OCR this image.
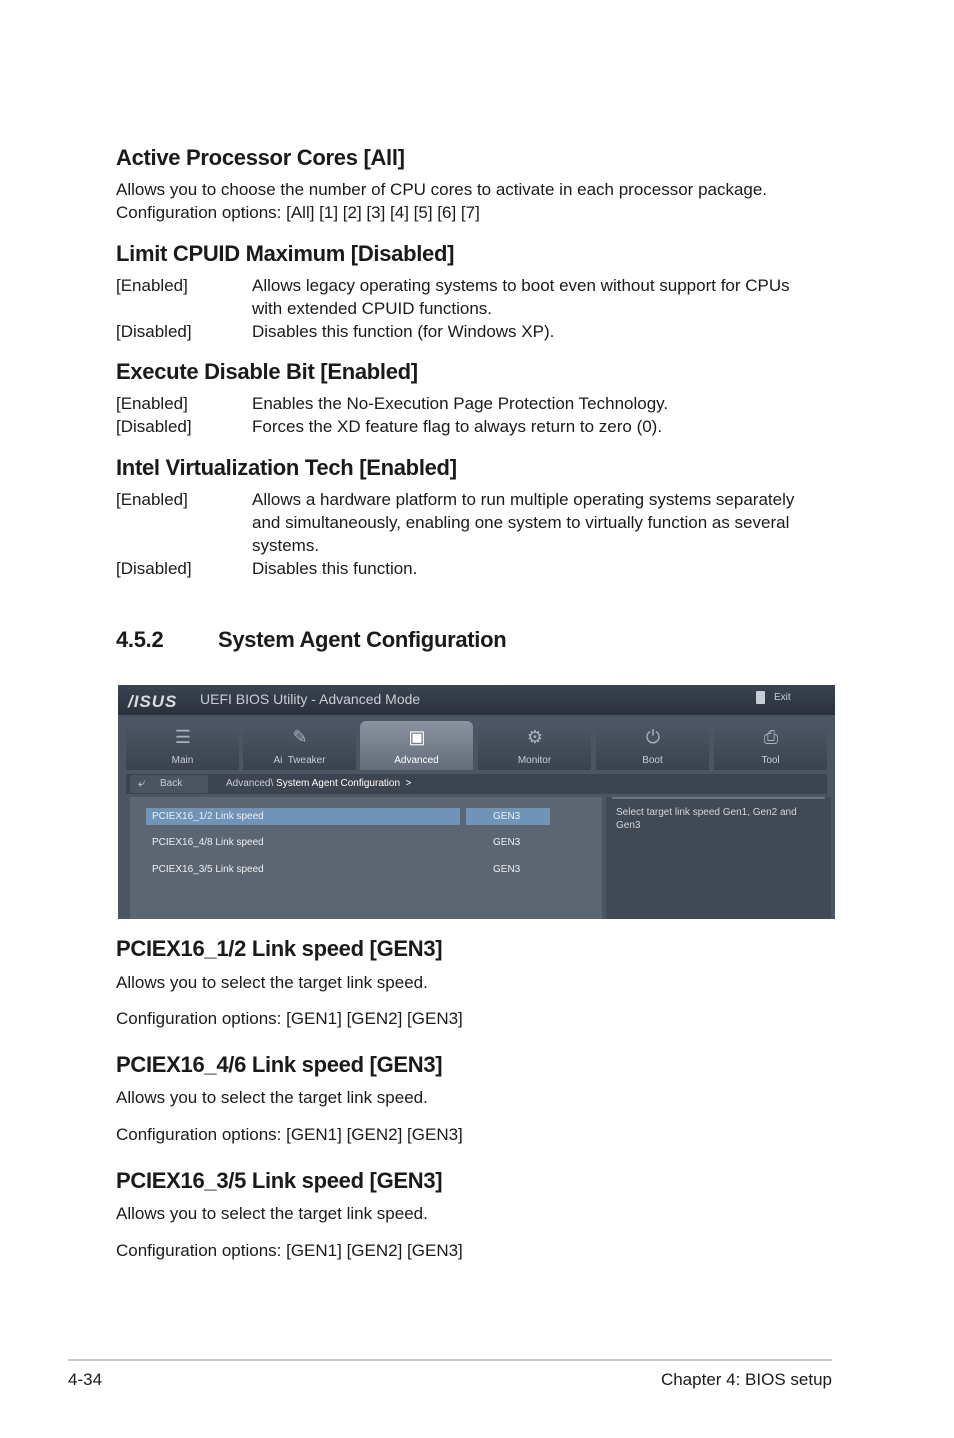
Active Processor Cores [All]

Allows you to choose the number of CPU cores to activate in each processor package.

Configuration options: [All] [1] [2] [3] [4] [5] [6] [7]

Limit CPUID Maximum [Disabled]
[Enabled]	Allows legacy operating systems to boot even without support for CPUs with extended CPUID functions.
[Disabled]	Disables this function (for Windows XP).
Execute Disable Bit [Enabled]
[Enabled]	Enables the No-Execution Page Protection Technology.
[Disabled]	Forces the XD feature flag to always return to zero (0).
Intel Virtualization Tech [Enabled]
[Enabled]	Allows a hardware platform to run multiple operating systems separately and simultaneously, enabling one system to virtually function as several systems.
[Disabled]	Disables this function.
4.5.2 System Agent Configuration
/ISUS UEFI BIOS Utility - Advanced Mode	Exit
☰
Main
✎
Ai  Tweaker
▣
Advanced
⚙
Monitor
⏻
Boot
⎙
Tool
⤶ Back	Advanced\ System Agent Configuration  >
PCIEX16_1/2 Link speed	GEN3
PCIEX16_4/8 Link speed	GEN3
PCIEX16_3/5 Link speed	GEN3
Select target link speed Gen1, Gen2 and Gen3
PCIEX16_1/2 Link speed [GEN3]

Allows you to select the target link speed.

Configuration options: [GEN1] [GEN2] [GEN3]

PCIEX16_4/6 Link speed [GEN3]

Allows you to select the target link speed.

Configuration options: [GEN1] [GEN2] [GEN3]

PCIEX16_3/5 Link speed [GEN3]

Allows you to select the target link speed.

Configuration options: [GEN1] [GEN2] [GEN3]

4-34	Chapter 4: BIOS setup
